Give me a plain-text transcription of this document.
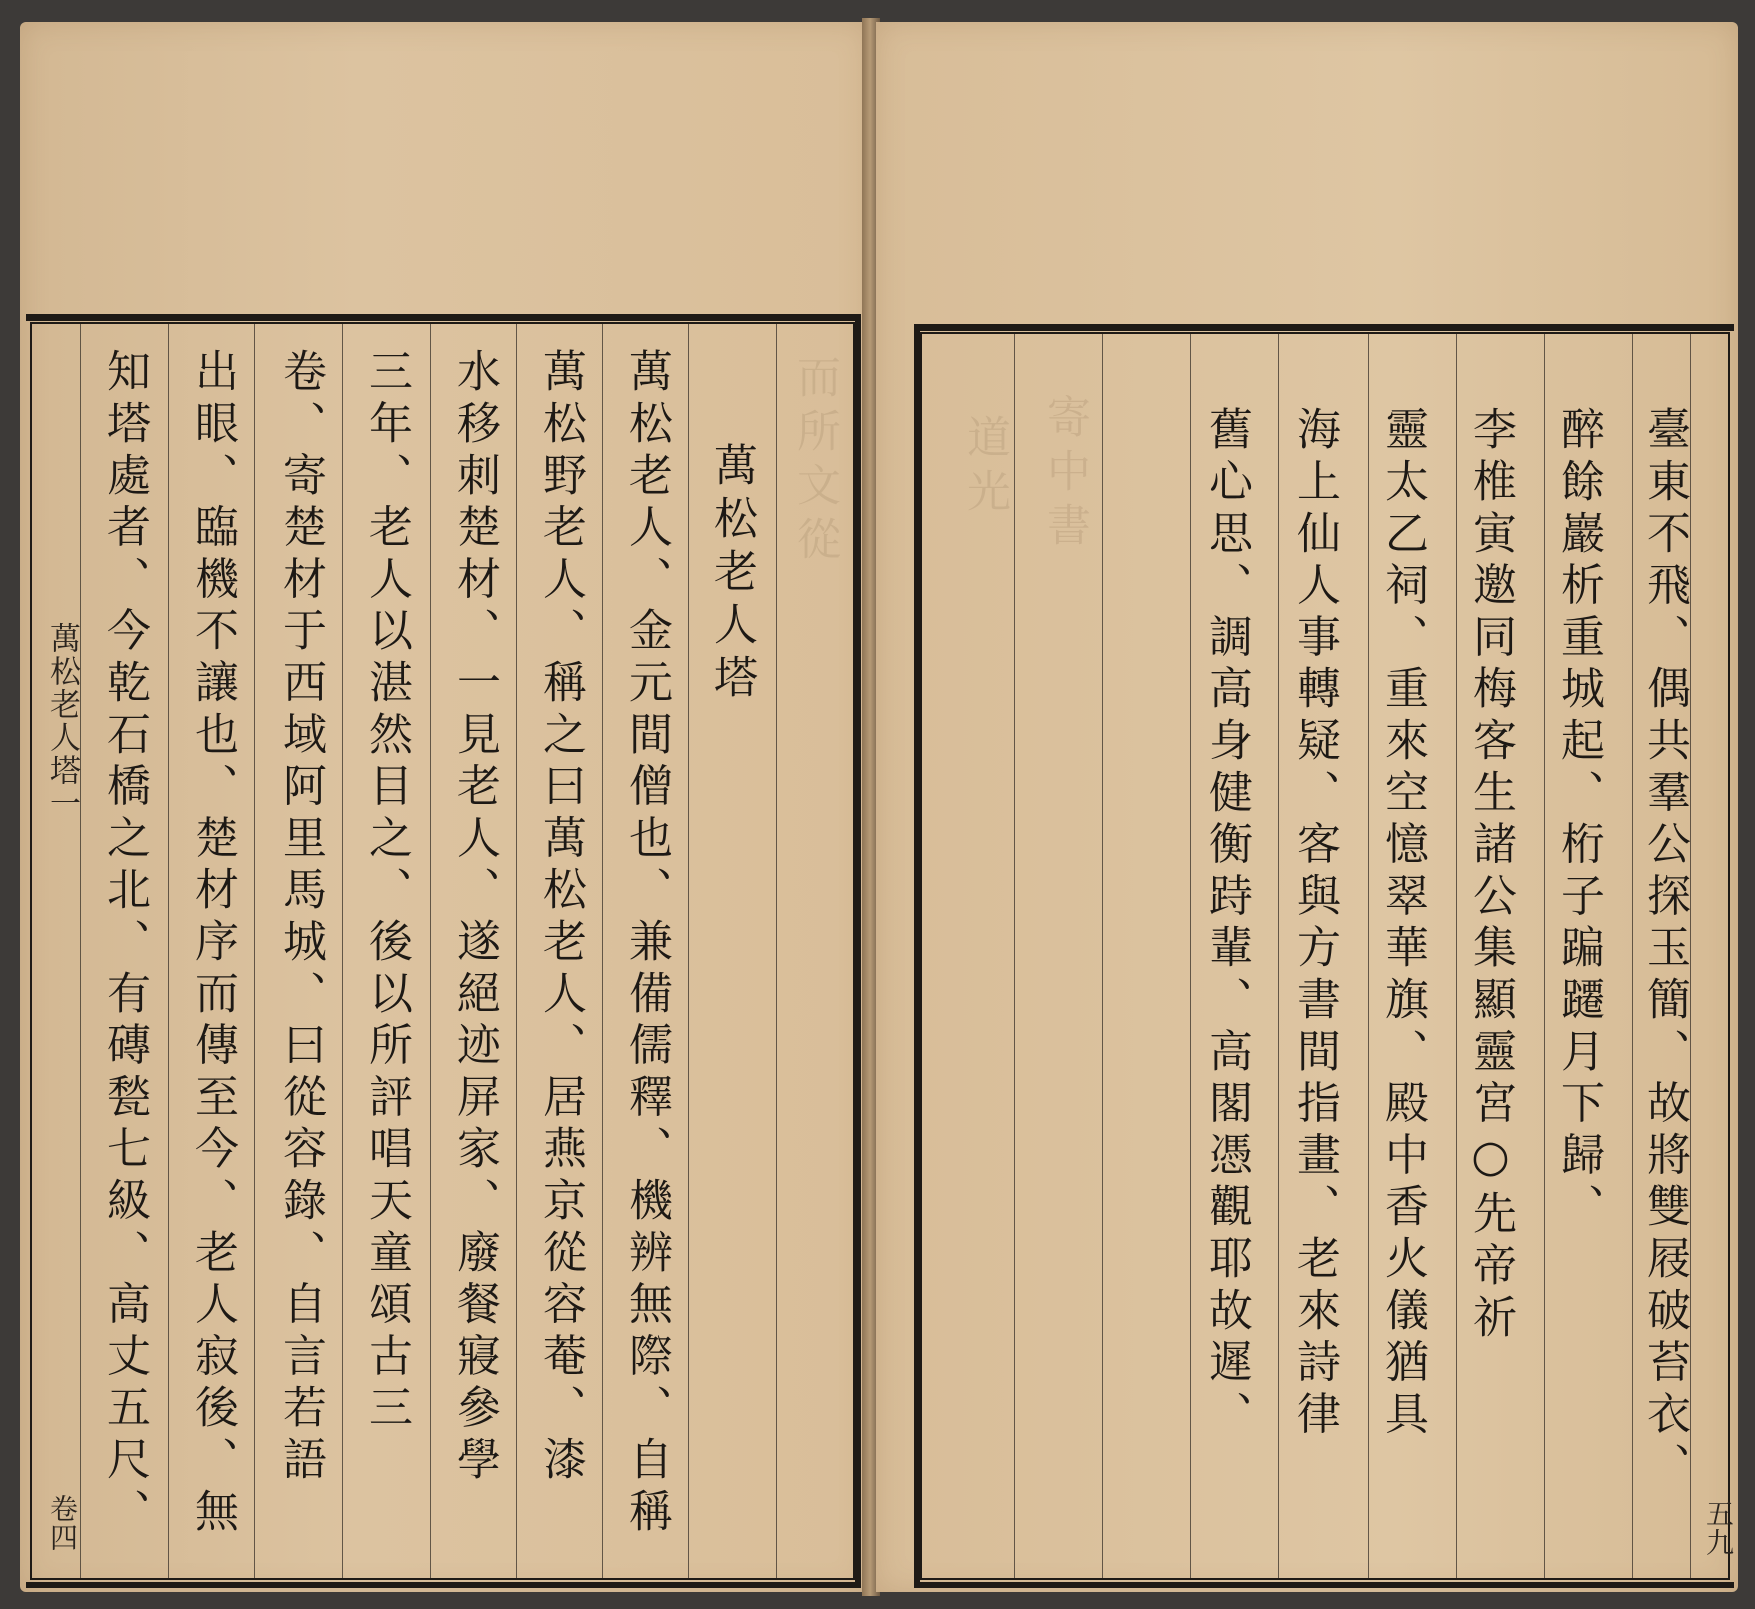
萬松老人塔一
卷四
而所文從
萬松老人塔
萬松老人、金元間僧也、兼備儒釋、機辨無際、自稱
萬松野老人、稱之曰萬松老人、居燕京從容菴、漆
水移刺楚材、一見老人、遂絕迹屏家、廢餐寢參學
三年、老人以湛然目之、後以所評唱天童頌古三
卷、寄楚材于西域阿里馬城、曰從容錄、自言若語
出眼、臨機不讓也、楚材序而傳至今、老人寂後、無
知塔處者、今乾石橋之北、有磚甃七級、高丈五尺、	寄中書
道光	臺東不飛、偶共羣公探玉簡、故將雙屐破苔衣、
醉餘巖析重城起、桁子蹁躚月下歸、
李椎寅邀同梅客生諸公集顯靈宮○先帝祈
靈太乙祠、重來空憶翠華旗、殿中香火儀猶具
海上仙人事轉疑、客與方書間指畫、老來詩律
舊心思、調高身健衡跱輩、高閣憑觀耶故遲、
五九
